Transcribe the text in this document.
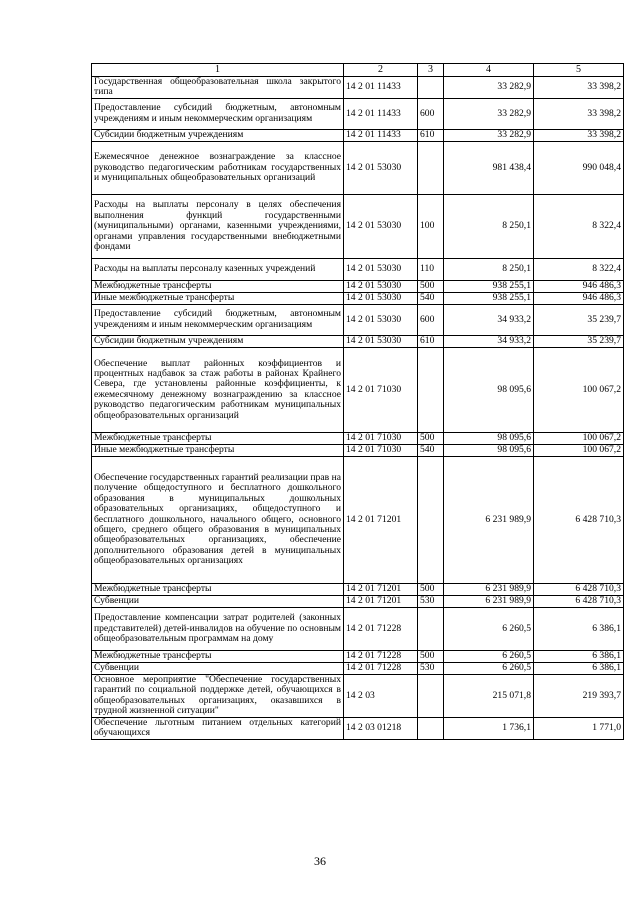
1	2	3	4	5
Государственная общеобразовательная школа закрытого типа	14 2 01 11433		33 282,9	33 398,2
Предоставление субсидий бюджетным, автономным учреждениям и иным некоммерческим организациям	14 2 01 11433	600	33 282,9	33 398,2
Субсидии бюджетным учреждениям	14 2 01 11433	610	33 282,9	33 398,2
Ежемесячное денежное вознаграждение за классное руководство педагогическим работникам государственных и муниципальных общеобразовательных организаций	14 2 01 53030		981 438,4	990 048,4
Расходы на выплаты персоналу в целях обеспечения выполнения функций государственными (муниципальными) органами, казенными учреждениями, органами управления государственными внебюджетными фондами	14 2 01 53030	100	8 250,1	8 322,4
Расходы на выплаты персоналу казенных учреждений	14 2 01 53030	110	8 250,1	8 322,4
Межбюджетные трансферты	14 2 01 53030	500	938 255,1	946 486,3
Иные межбюджетные трансферты	14 2 01 53030	540	938 255,1	946 486,3
Предоставление субсидий бюджетным, автономным учреждениям и иным некоммерческим организациям	14 2 01 53030	600	34 933,2	35 239,7
Субсидии бюджетным учреждениям	14 2 01 53030	610	34 933,2	35 239,7
Обеспечение выплат районных коэффициентов и процентных надбавок за стаж работы в районах Крайнего Севера, где установлены районные коэффициенты, к ежемесячному денежному вознаграждению за классное руководство педагогическим работникам муниципальных общеобразовательных организаций	14 2 01 71030		98 095,6	100 067,2
Межбюджетные трансферты	14 2 01 71030	500	98 095,6	100 067,2
Иные межбюджетные трансферты	14 2 01 71030	540	98 095,6	100 067,2
Обеспечение государственных гарантий реализации прав на получение общедоступного и бесплатного дошкольного образования в муниципальных дошкольных образовательных организациях, общедоступного и бесплатного дошкольного, начального общего, основного общего, среднего общего образования в муниципальных общеобразовательных организациях, обеспечение дополнительного образования детей в муниципальных общеобразовательных организациях	14 2 01 71201		6 231 989,9	6 428 710,3
Межбюджетные трансферты	14 2 01 71201	500	6 231 989,9	6 428 710,3
Субвенции	14 2 01 71201	530	6 231 989,9	6 428 710,3
Предоставление компенсации затрат родителей (законных представителей) детей-инвалидов на обучение по основным общеобразовательным программам на дому	14 2 01 71228		6 260,5	6 386,1
Межбюджетные трансферты	14 2 01 71228	500	6 260,5	6 386,1
Субвенции	14 2 01 71228	530	6 260,5	6 386,1
Основное мероприятие "Обеспечение государственных гарантий по социальной поддержке детей, обучающихся в общеобразовательных организациях, оказавшихся в трудной жизненной ситуации"	14 2 03		215 071,8	219 393,7
Обеспечение льготным питанием отдельных категорий обучающихся	14 2 03 01218		1 736,1	1 771,0
36
